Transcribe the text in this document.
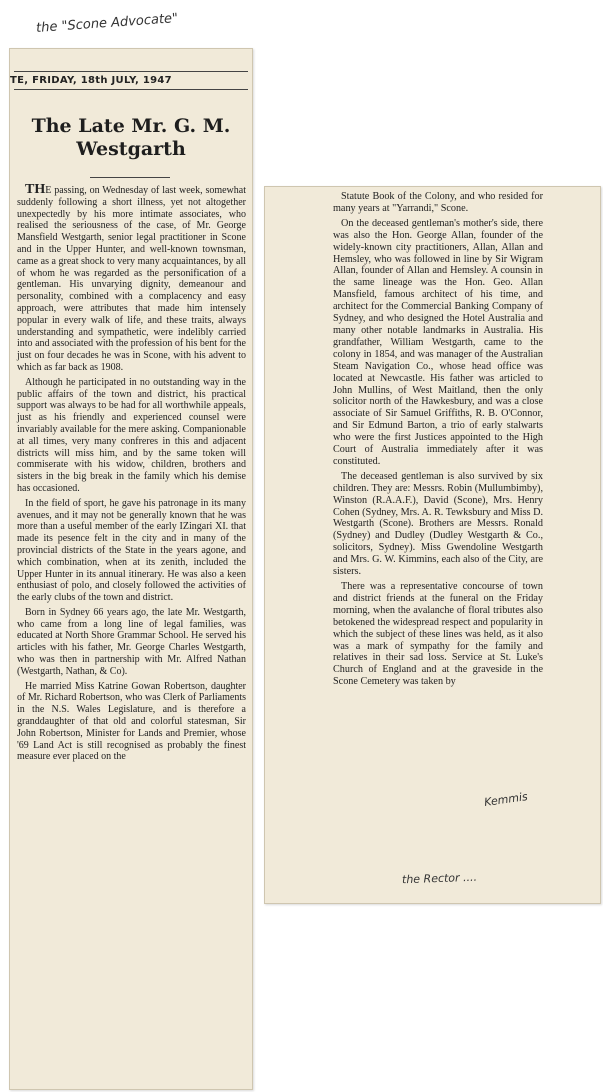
the "Scone Advocate"
TE, FRIDAY, 18th JULY, 1947
The Late Mr. G. M. Westgarth

THE passing, on Wednesday of last week, somewhat suddenly following a short illness, yet not altogether unexpectedly by his more intimate associates, who realised the seriousness of the case, of Mr. George Mansfield Westgarth, senior legal practitioner in Scone and in the Upper Hunter, and well-known townsman, came as a great shock to very many acquaintances, by all of whom he was regarded as the personification of a gentleman. His unvarying dignity, demeanour and personality, combined with a complacency and easy approach, were attributes that made him intensely popular in every walk of life, and these traits, always understanding and sympathetic, were indelibly carried into and associated with the profession of his bent for the just on four decades he was in Scone, with his advent to which as far back as 1908.

Although he participated in no outstanding way in the public affairs of the town and district, his practical support was always to be had for all worthwhile appeals, just as his friendly and experienced counsel were invariably available for the mere asking. Companionable at all times, very many confreres in this and adjacent districts will miss him, and by the same token will commiserate with his widow, children, brothers and sisters in the big break in the family which his demise has occasioned.

In the field of sport, he gave his patronage in its many avenues, and it may not be generally known that he was more than a useful member of the early IZingari XI. that made its pesence felt in the city and in many of the provincial districts of the State in the years agone, and which combination, when at its zenith, included the Upper Hunter in its annual itinerary. He was also a keen enthusiast of polo, and closely followed the activities of the early clubs of the town and district.

Born in Sydney 66 years ago, the late Mr. Westgarth, who came from a long line of legal families, was educated at North Shore Grammar School. He served his articles with his father, Mr. George Charles Westgarth, who was then in partnership with Mr. Alfred Nathan (Westgarth, Nathan, & Co).

He married Miss Katrine Gowan Robertson, daughter of Mr. Richard Robertson, who was Clerk of Parliaments in the N.S. Wales Legislature, and is therefore a granddaughter of that old and colorful statesman, Sir John Robertson, Minister for Lands and Premier, whose '69 Land Act is still recognised as probably the finest measure ever placed on the

Statute Book of the Colony, and who resided for many years at "Yarrandi," Scone.

On the deceased gentleman's mother's side, there was also the Hon. George Allan, founder of the widely-known city practitioners, Allan, Allan and Hemsley, who was followed in line by Sir Wigram Allan, founder of Allan and Hemsley. A counsin in the same lineage was the Hon. Geo. Allan Mansfield, famous architect of his time, and architect for the Commercial Banking Company of Sydney, and who designed the Hotel Australia and many other notable landmarks in Australia. His grandfather, William Westgarth, came to the colony in 1854, and was manager of the Australian Steam Navigation Co., whose head office was located at Newcastle. His father was articled to John Mullins, of West Maitland, then the only solicitor north of the Hawkesbury, and was a close associate of Sir Samuel Griffiths, R. B. O'Connor, and Sir Edmund Barton, a trio of early stalwarts who were the first Justices appointed to the High Court of Australia immediately after it was constituted.

The deceased gentleman is also survived by six children. They are: Messrs. Robin (Mullumbimby), Winston (R.A.A.F.), David (Scone), Mrs. Henry Cohen (Sydney, Mrs. A. R. Tewksbury and Miss D. Westgarth (Scone). Brothers are Messrs. Ronald (Sydney) and Dudley (Dudley Westgarth & Co., solicitors, Sydney). Miss Gwendoline Westgarth and Mrs. G. W. Kimmins, each also of the City, are sisters.

There was a representative concourse of town and district friends at the funeral on the Friday morning, when the avalanche of floral tributes also betokened the widespread respect and popularity in which the subject of these lines was held, as it also was a mark of sympathy for the family and relatives in their sad loss. Service at St. Luke's Church of England and at the graveside in the Scone Cemetery was taken by

Kemmis
the Rector ....
